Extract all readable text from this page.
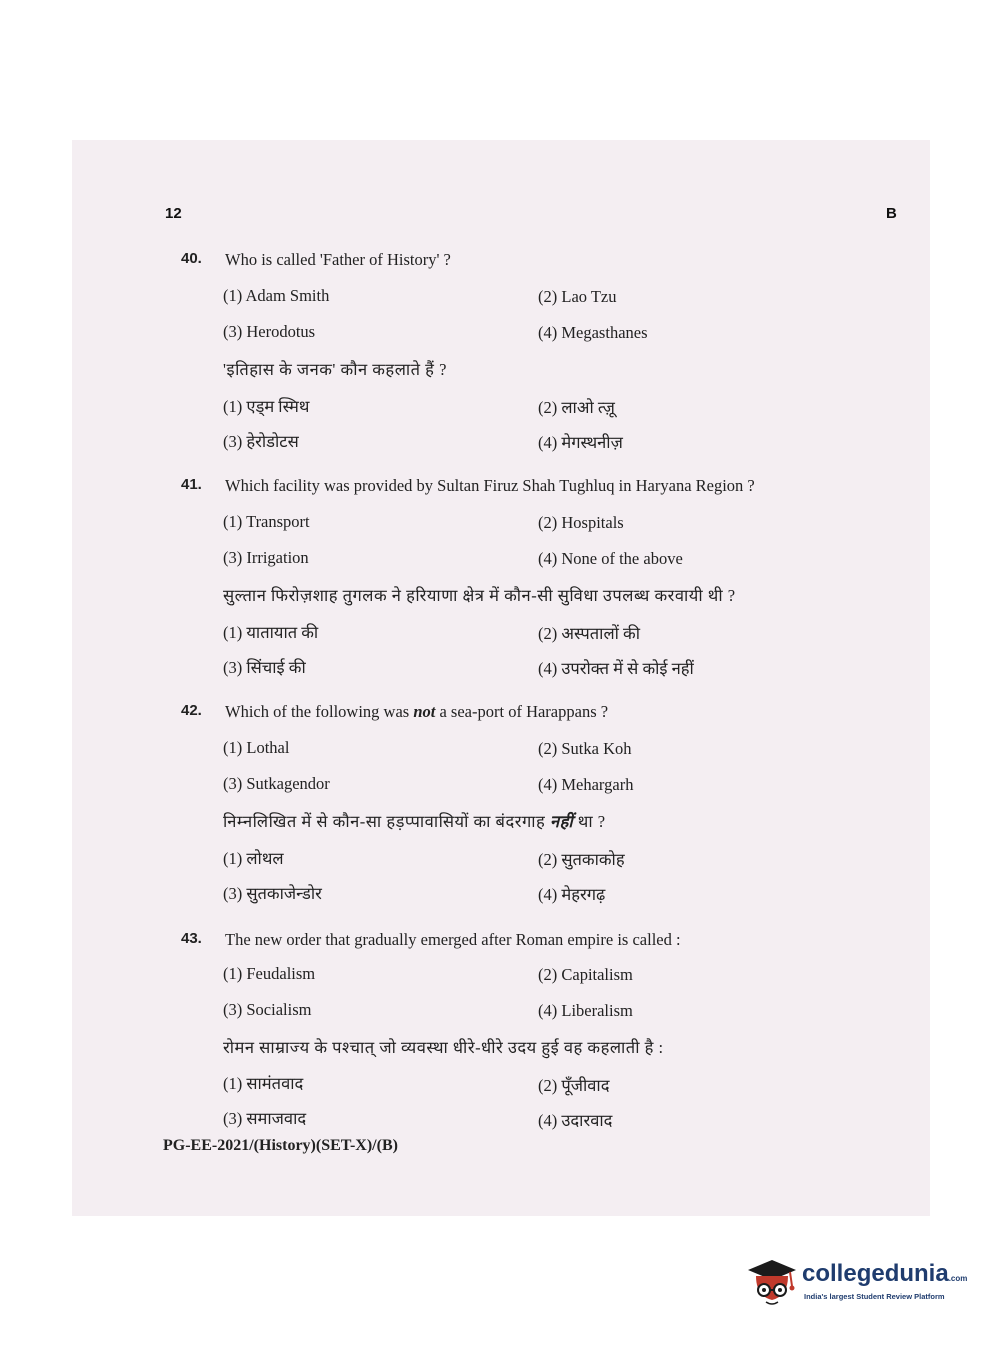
12	B
40. Who is called 'Father of History' ?
(1) Adam Smith	(2) Lao Tzu
(3) Herodotus	(4) Megasthanes
'इतिहास के जनक' कौन कहलाते हैं ?
(1) एड्म स्मिथ	(2) लाओ त्ज़ू
(3) हेरोडोटस	(4) मेगस्थनीज़
41. Which facility was provided by Sultan Firuz Shah Tughluq in Haryana Region ?
(1) Transport	(2) Hospitals
(3) Irrigation	(4) None of the above
सुल्तान फिरोज़शाह तुगलक ने हरियाणा क्षेत्र में कौन-सी सुविधा उपलब्ध करवायी थी ?
(1) यातायात की	(2) अस्पतालों की
(3) सिंचाई की	(4) उपरोक्त में से कोई नहीं
42. Which of the following was not a sea-port of Harappans ?
(1) Lothal	(2) Sutka Koh
(3) Sutkagendor	(4) Mehargarh
निम्नलिखित में से कौन-सा हड़प्पावासियों का बंदरगाह नहीं था ?
(1) लोथल	(2) सुतकाकोह
(3) सुतकाजेन्डोर	(4) मेहरगढ़
43. The new order that gradually emerged after Roman empire is called :
(1) Feudalism	(2) Capitalism
(3) Socialism	(4) Liberalism
रोमन साम्राज्य के पश्चात् जो व्यवस्था धीरे-धीरे उदय हुई वह कहलाती है :
(1) सामंतवाद	(2) पूँजीवाद
(3) समाजवाद	(4) उदारवाद
PG-EE-2021/(History)(SET-X)/(B)
collegedunia.com
India's largest Student Review Platform
